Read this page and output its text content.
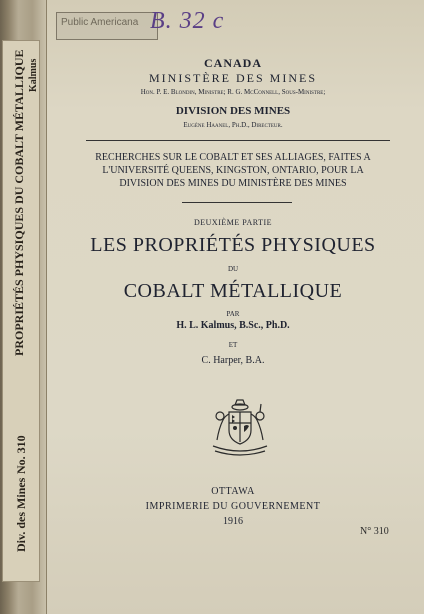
PROPRIÉTÉS PHYSIQUES DU COBALT MÉTALLIQUE
No. 310
Div. des Mines
Kalmus
Public Americana B. 32 c
CANADA
MINISTÈRE DES MINES
Hon. P. E. Blondin, Ministre; R. G. McConnell, Sous-Ministre;
DIVISION DES MINES
Eugène Haanel, Ph.D., Directeur.
RECHERCHES SUR LE COBALT ET SES ALLIAGES, FAITES A
L'UNIVERSITÉ QUEENS, KINGSTON, ONTARIO, POUR LA
DIVISION DES MINES DU MINISTÈRE DES MINES
DEUXIÈME PARTIE
LES PROPRIÉTÉS PHYSIQUES
DU
COBALT MÉTALLIQUE
PAR
H. L. Kalmus, B.Sc., Ph.D.
ET
C. Harper, B.A.
OTTAWA
IMPRIMERIE DU GOUVERNEMENT
1916
N° 310
